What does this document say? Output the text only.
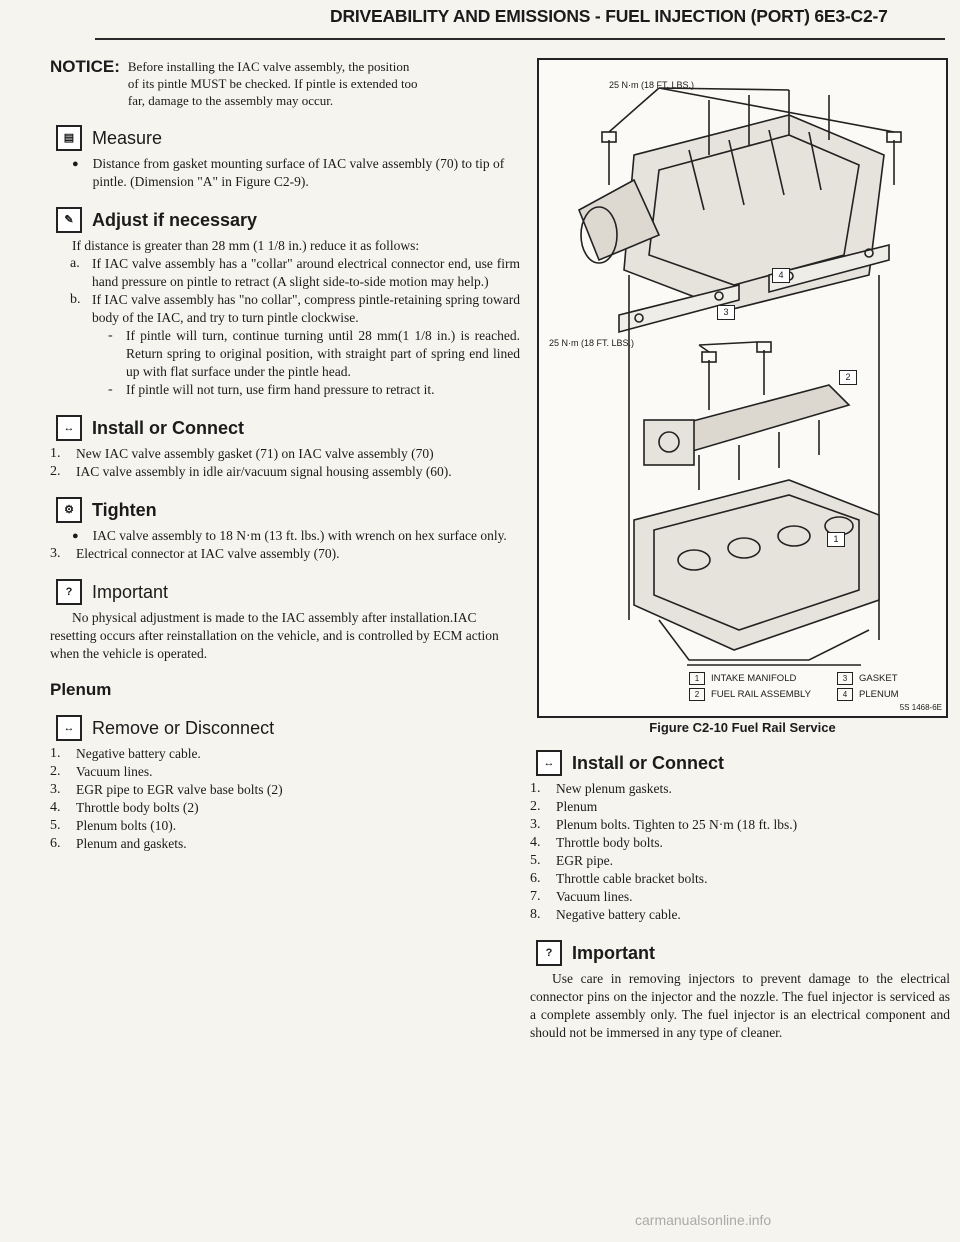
DRIVEABILITY AND EMISSIONS - FUEL INJECTION (PORT) 6E3-C2-7
NOTICE: Before installing the IAC valve assembly, the position of its pintle MUST be checked. If pintle is extended too far, damage to the assembly may occur.
▤ Measure
● Distance from gasket mounting surface of IAC valve assembly (70) to tip of pintle. (Dimension "A" in Figure C2-9).
✎	Adjust if necessary
If distance is greater than 28 mm (1 1/8 in.) reduce it as follows:
a. If IAC valve assembly has a "collar" around electrical connector end, use firm hand pressure on pintle to retract (A slight side-to-side motion may help.)
b. If IAC valve assembly has "no collar", compress pintle-retaining spring toward body of the IAC, and try to turn pintle clockwise.
- If pintle will turn, continue turning until 28 mm(1 1/8 in.) is reached. Return spring to original position, with straight part of spring end lined up with flat surface under the pintle head.
- If pintle will not turn, use firm hand pressure to retract it.
↔ Install or Connect
1.	New IAC valve assembly gasket (71) on IAC valve assembly (70)
2.	IAC valve assembly in idle air/vacuum signal housing assembly (60).
⚙	Tighten
● IAC valve assembly to 18 N·m (13 ft. lbs.) with wrench on hex surface only.
3.	Electrical connector at IAC valve assembly (70).
?	Important
No physical adjustment is made to the IAC assembly after installation.IAC resetting occurs after reinstallation on the vehicle, and is controlled by ECM action when the vehicle is operated.
Plenum
↔ Remove or Disconnect
1.	Negative battery cable.
2.	Vacuum lines.
3.	EGR pipe to EGR valve base bolts (2)
4.	Throttle body bolts (2)
5.	Plenum bolts (10).
6.	Plenum and gaskets.
25 N·m (18 FT. LBS.)
25 N·m (18 FT. LBS.)
4
3
2
1
1	INTAKE MANIFOLD	3	GASKET
2	FUEL RAIL ASSEMBLY	4	PLENUM
5S 1468-6E
Figure C2-10 Fuel Rail Service
↔ Install or Connect
1.	New plenum gaskets.
2.	Plenum
3.	Plenum bolts. Tighten to 25 N·m (18 ft. lbs.)
4.	Throttle body bolts.
5.	EGR pipe.
6.	Throttle cable bracket bolts.
7.	Vacuum lines.
8.	Negative battery cable.
?	Important
Use care in removing injectors to prevent damage to the electrical connector pins on the injector and the nozzle. The fuel injector is serviced as a complete assembly only. The fuel injector is an electrical component and should not be immersed in any type of cleaner.
carmanualsonline.info
